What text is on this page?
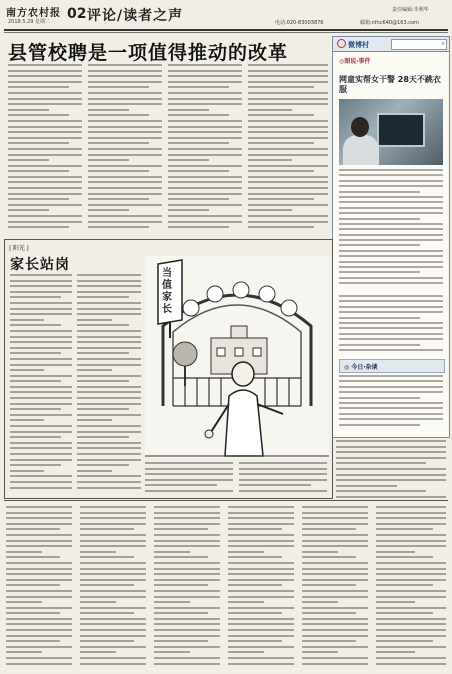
南方农村报
2018.5.29 星期二 02 评论/读者之声	责任编辑:李利华
电话:020-83003876	邮箱:nfnc640@163.com
县管校聘是一项值得推动的改革	微博村	⌕
◎图说·事件
网童实帮女干警 28天不跳衣服
◎ 今日·杂谈
| 阳光 |
家长站岗
当值家长
